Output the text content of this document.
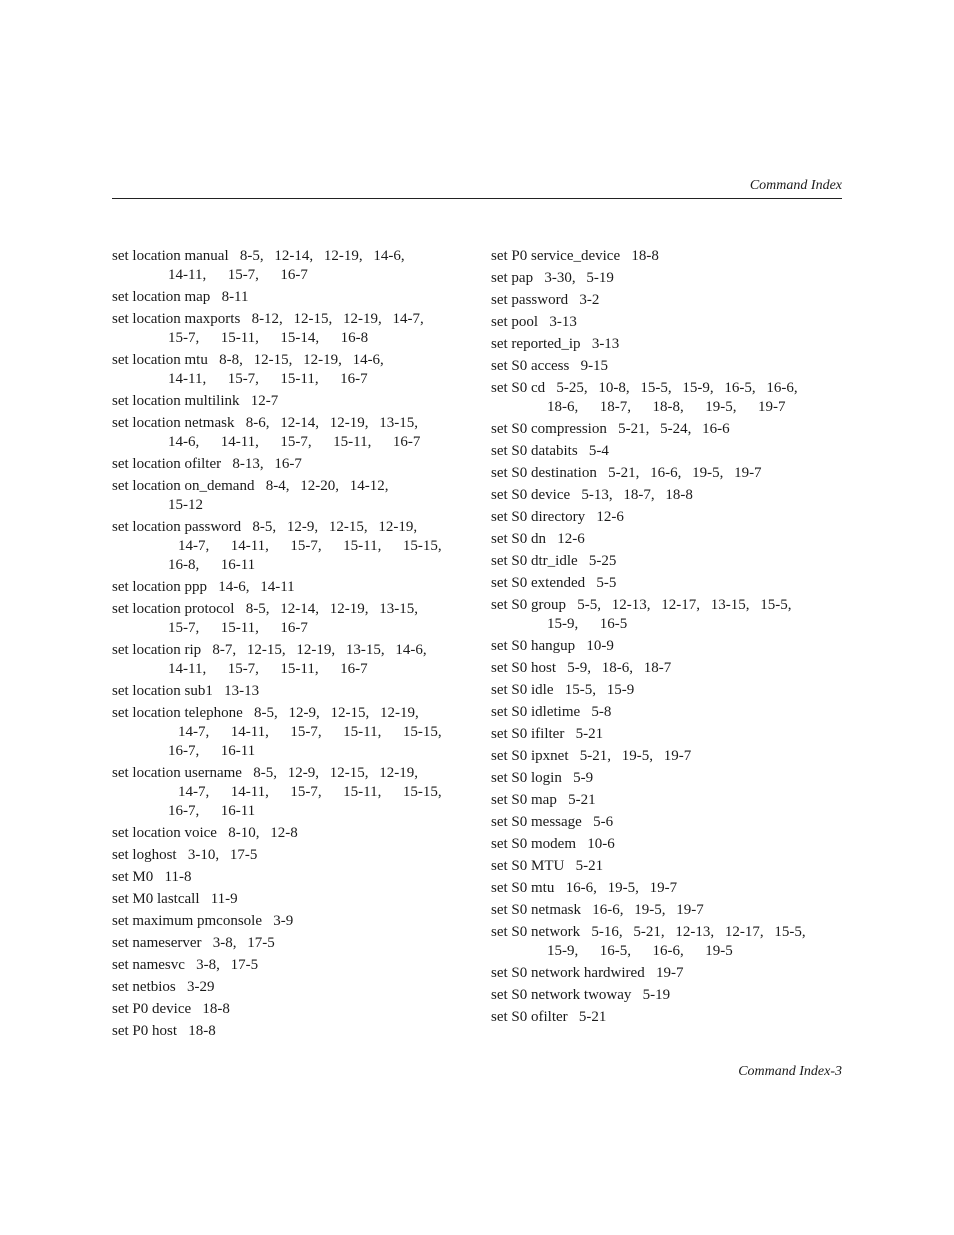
Command Index
set location manual 8-5, 12-14, 12-19, 14-6,
14-11,  15-7,  16-7
set location map 8-11
set location maxports 8-12, 12-15, 12-19, 14-7,
15-7,  15-11,  15-14,  16-8
set location mtu 8-8, 12-15, 12-19, 14-6,
14-11,  15-7,  15-11,  16-7
set location multilink 12-7
set location netmask 8-6, 12-14, 12-19, 13-15,
14-6,  14-11,  15-7,  15-11,  16-7
set location ofilter 8-13, 16-7
set location on_demand 8-4, 12-20, 14-12,
15-12
set location password 8-5, 12-9, 12-15, 12-19,
14-7,  14-11,  15-7,  15-11,  15-15,
16-8,  16-11
set location ppp 14-6, 14-11
set location protocol 8-5, 12-14, 12-19, 13-15,
15-7,  15-11,  16-7
set location rip 8-7, 12-15, 12-19, 13-15, 14-6,
14-11,  15-7,  15-11,  16-7
set location sub1 13-13
set location telephone 8-5, 12-9, 12-15, 12-19,
14-7,  14-11,  15-7,  15-11,  15-15,
16-7,  16-11
set location username 8-5, 12-9, 12-15, 12-19,
14-7,  14-11,  15-7,  15-11,  15-15,
16-7,  16-11
set location voice 8-10, 12-8
set loghost 3-10, 17-5
set M0 11-8
set M0 lastcall 11-9
set maximum pmconsole 3-9
set nameserver 3-8, 17-5
set namesvc 3-8, 17-5
set netbios 3-29
set P0 device 18-8
set P0 host 18-8
set P0 service_device 18-8
set pap 3-30, 5-19
set password 3-2
set pool 3-13
set reported_ip 3-13
set S0 access 9-15
set S0 cd 5-25, 10-8, 15-5, 15-9, 16-5, 16-6,
18-6,  18-7,  18-8,  19-5,  19-7
set S0 compression 5-21, 5-24, 16-6
set S0 databits 5-4
set S0 destination 5-21, 16-6, 19-5, 19-7
set S0 device 5-13, 18-7, 18-8
set S0 directory 12-6
set S0 dn 12-6
set S0 dtr_idle 5-25
set S0 extended 5-5
set S0 group 5-5, 12-13, 12-17, 13-15, 15-5,
15-9,  16-5
set S0 hangup 10-9
set S0 host 5-9, 18-6, 18-7
set S0 idle 15-5, 15-9
set S0 idletime 5-8
set S0 ifilter 5-21
set S0 ipxnet 5-21, 19-5, 19-7
set S0 login 5-9
set S0 map 5-21
set S0 message 5-6
set S0 modem 10-6
set S0 MTU 5-21
set S0 mtu 16-6, 19-5, 19-7
set S0 netmask 16-6, 19-5, 19-7
set S0 network 5-16, 5-21, 12-13, 12-17, 15-5,
15-9,  16-5,  16-6,  19-5
set S0 network hardwired 19-7
set S0 network twoway 5-19
set S0 ofilter 5-21
Command Index-3
